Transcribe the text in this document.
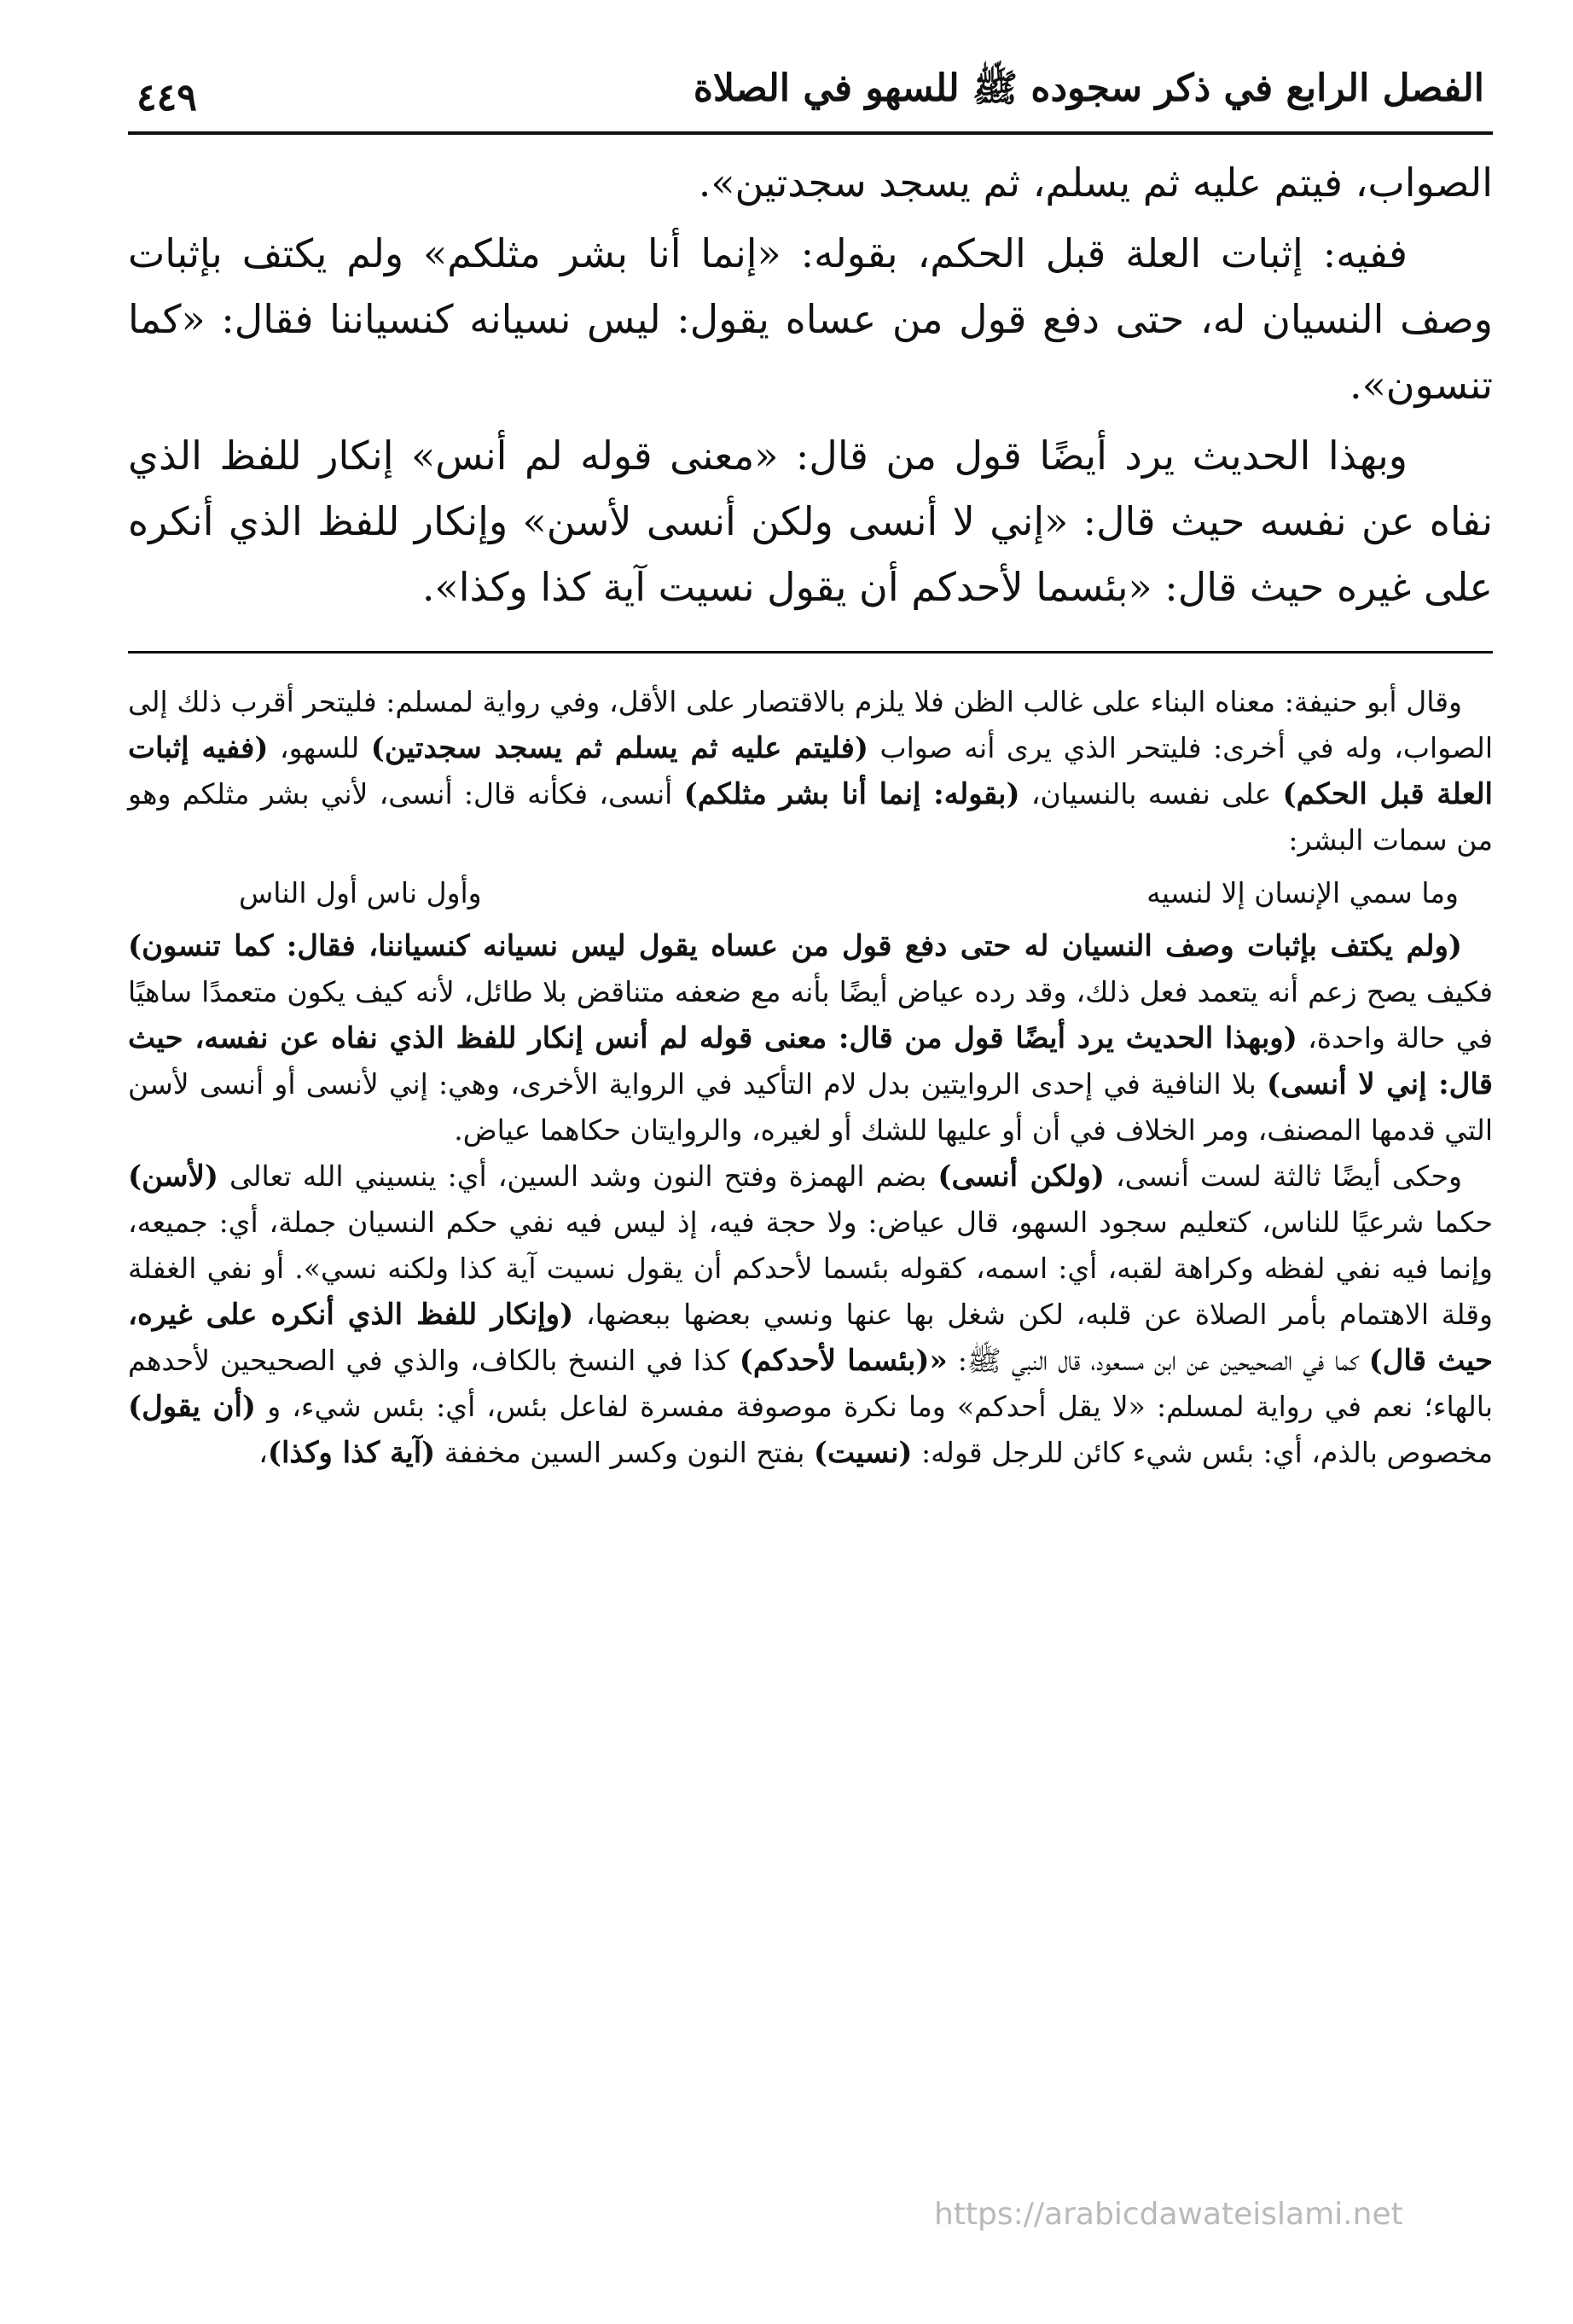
الفصل الرابع في ذكر سجوده ﷺ للسهو في الصلاة
٤٤٩

الصواب، فيتم عليه ثم يسلم، ثم يسجد سجدتين».

ففيه: إثبات العلة قبل الحكم، بقوله: «إنما أنا بشر مثلكم» ولم يكتف بإثبات وصف النسيان له، حتى دفع قول من عساه يقول: ليس نسيانه كنسياننا فقال: «كما تنسون».

وبهذا الحديث يرد أيضًا قول من قال: «معنى قوله لم أنس» إنكار للفظ الذي نفاه عن نفسه حيث قال: «إني لا أنسى ولكن أنسى لأسن» وإنكار للفظ الذي أنكره على غيره حيث قال: «بئسما لأحدكم أن يقول نسيت آية كذا وكذا».

وقال أبو حنيفة: معناه البناء على غالب الظن فلا يلزم بالاقتصار على الأقل، وفي رواية لمسلم: فليتحر أقرب ذلك إلى الصواب، وله في أخرى: فليتحر الذي يرى أنه صواب (فليتم عليه ثم يسلم ثم يسجد سجدتين) للسهو، (ففيه إثبات العلة قبل الحكم) على نفسه بالنسيان، (بقوله: إنما أنا بشر مثلكم) أنسى، فكأنه قال: أنسى، لأني بشر مثلكم وهو من سمات البشر:

وما سمي الإنسان إلا لنسيه
وأول ناس أول الناس

(ولم يكتف بإثبات وصف النسيان له حتى دفع قول من عساه يقول ليس نسيانه كنسياننا، فقال: كما تنسون) فكيف يصح زعم أنه يتعمد فعل ذلك، وقد رده عياض أيضًا بأنه مع ضعفه متناقض بلا طائل، لأنه كيف يكون متعمدًا ساهيًا في حالة واحدة، (وبهذا الحديث يرد أيضًا قول من قال: معنى قوله لم أنس إنكار للفظ الذي نفاه عن نفسه، حيث قال: إني لا أنسى) بلا النافية في إحدى الروايتين بدل لام التأكيد في الرواية الأخرى، وهي: إني لأنسى أو أنسى لأسن التي قدمها المصنف، ومر الخلاف في أن أو عليها للشك أو لغيره، والروايتان حكاهما عياض.

وحكى أيضًا ثالثة لست أنسى، (ولكن أنسى) بضم الهمزة وفتح النون وشد السين، أي: ينسيني الله تعالى (لأسن) حكما شرعيًا للناس، كتعليم سجود السهو، قال عياض: ولا حجة فيه، إذ ليس فيه نفي حكم النسيان جملة، أي: جميعه، وإنما فيه نفي لفظه وكراهة لقبه، أي: اسمه، كقوله بئسما لأحدكم أن يقول نسيت آية كذا ولكنه نسي». أو نفي الغفلة وقلة الاهتمام بأمر الصلاة عن قلبه، لكن شغل بها عنها ونسي بعضها ببعضها، (وإنكار للفظ الذي أنكره على غيره، حيث قال) كما في الصحيحين عن ابن مسعود، قال النبي ﷺ: «(بئسما لأحدكم) كذا في النسخ بالكاف، والذي في الصحيحين لأحدهم بالهاء؛ نعم في رواية لمسلم: «لا يقل أحدكم» وما نكرة موصوفة مفسرة لفاعل بئس، أي: بئس شيء، و (أن يقول) مخصوص بالذم، أي: بئس شيء كائن للرجل قوله: (نسيت) بفتح النون وكسر السين مخففة (آية كذا وكذا)،

https://arabicdawateislami.net
